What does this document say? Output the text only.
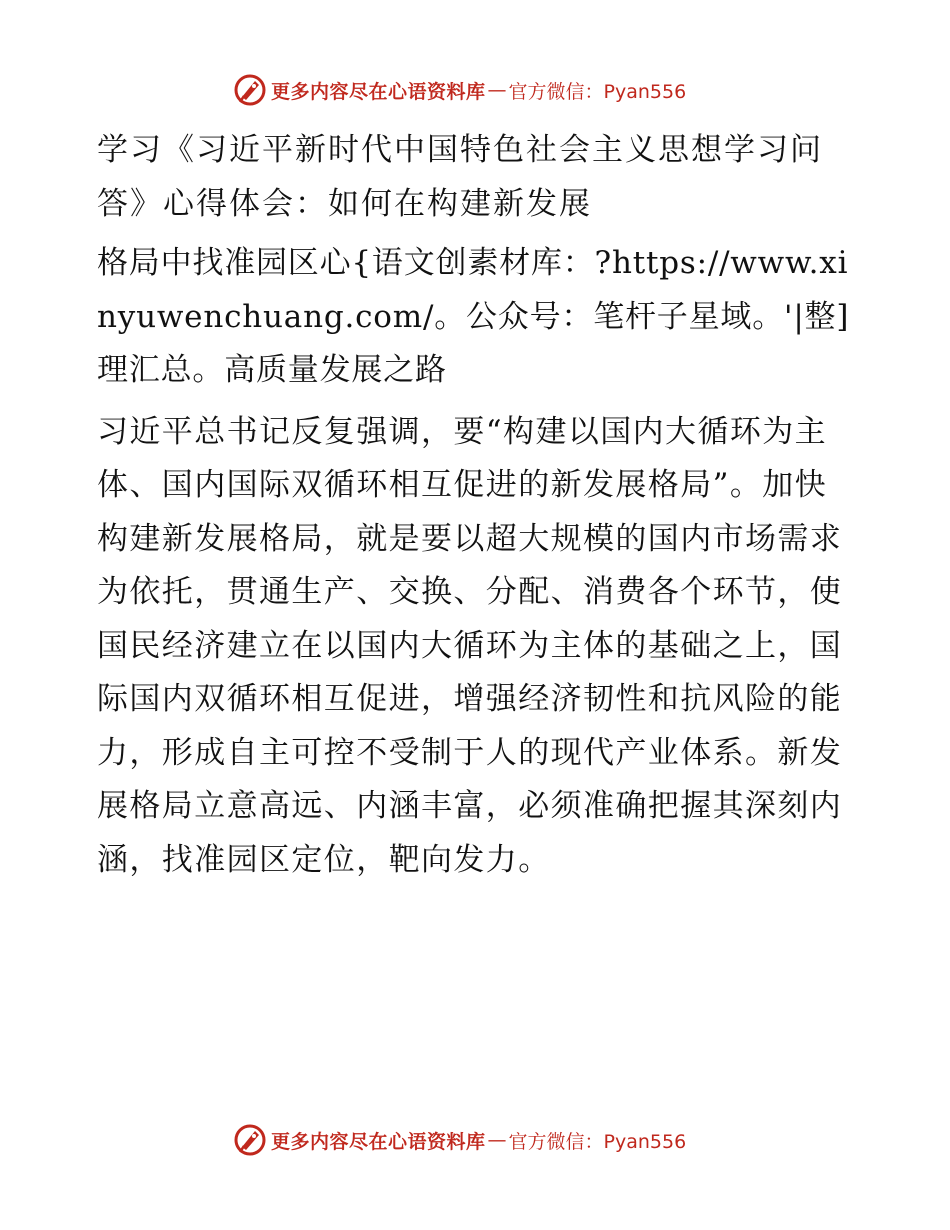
更多内容尽在心语资料库 — 官方微信：Pyan556

学习《习近平新时代中国特色社会主义思想学习问答》心得体会：如何在构建新发展

格局中找准园区心{语文创素材库：?https://www.xinyuwenchuang.com/。公众号：笔杆子星域。'|整]理汇总。高质量发展之路

习近平总书记反复强调，要“构建以国内大循环为主体、国内国际双循环相互促进的新发展格局”。加快构建新发展格局，就是要以超大规模的国内市场需求为依托，贯通生产、交换、分配、消费各个环节，使国民经济建立在以国内大循环为主体的基础之上，国际国内双循环相互促进，增强经济韧性和抗风险的能力，形成自主可控不受制于人的现代产业体系。新发展格局立意高远、内涵丰富，必须准确把握其深刻内涵，找准园区定位，靶向发力。

更多内容尽在心语资料库 — 官方微信：Pyan556
